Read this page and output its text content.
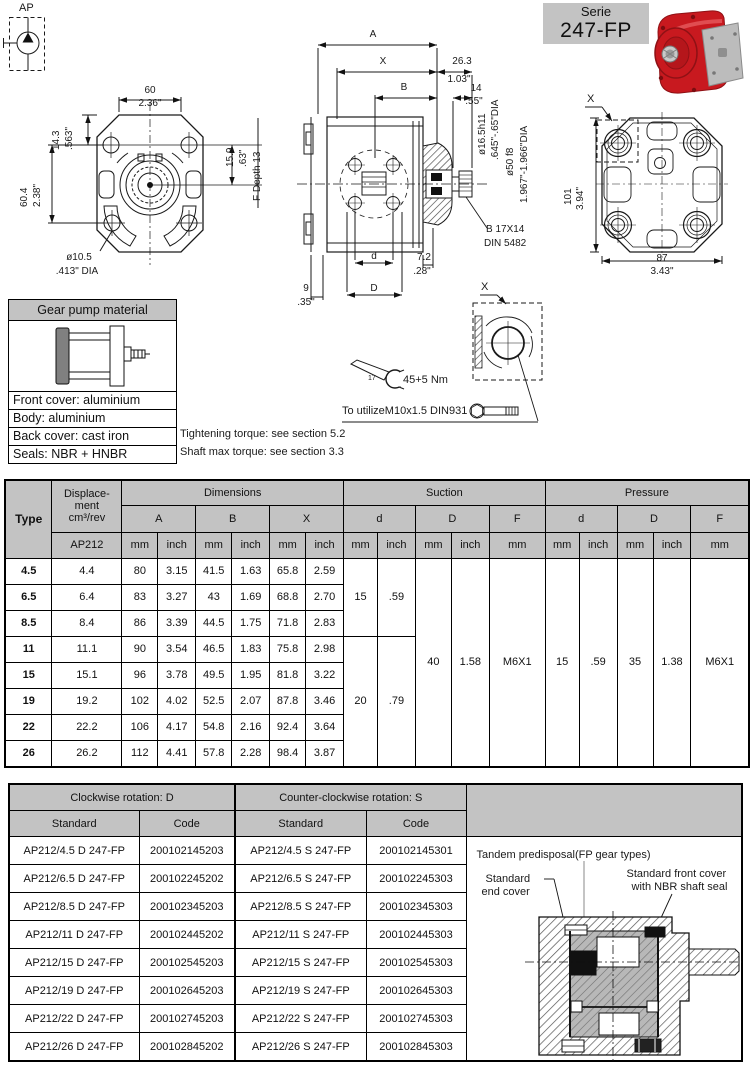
AP
60
2.36"
14.3 .563"
60.4 2.38"
15.9 .63" F Depth 13
ø10.5
.413" DIA
A
X
B
26.3
1.03"
14
.55"
ø16.5h11 .645"-.65"DIA
ø50 f8 1.967"-1.966"DIA
B 17X14
DIN 5482
d
D
7.2
.28"
9
.35"
X
101 3.94"
87
3.43"
X
17 45+5 Nm
To utilizeM10x1.5 DIN931
Tightening torque: see section 5.2
Shaft max torque: see section 3.3
Serie
247-FP
Gear pump material
Front cover: aluminium
Body: aluminium
Back cover: cast iron
Seals: NBR + HNBR
Type	Displace-
ment
cm³/rev	Dimensions						Suction					Pressure				
		A		B		X		d		D		F	d		D		F
	AP212	mm	inch	mm	inch	mm	inch	mm	inch	mm	inch	mm	mm	inch	mm	inch	mm
4.5	4.4	80	3.15	41.5	1.63	65.8	2.59	15	.59	40	1.58	M6X1	15	.59	35	1.38	M6X1
6.5	6.4	83	3.27	43	1.69	68.8	2.70										
8.5	8.4	86	3.39	44.5	1.75	71.8	2.83										
11	11.1	90	3.54	46.5	1.83	75.8	2.98	20	.79								
15	15.1	96	3.78	49.5	1.95	81.8	3.22										
19	19.2	102	4.02	52.5	2.07	87.8	3.46										
22	22.2	106	4.17	54.8	2.16	92.4	3.64										
26	26.2	112	4.41	57.8	2.28	98.4	3.87										
Clockwise rotation: D		Counter-clockwise rotation: S		
Standard	Code	Standard	Code	
AP212/4.5 D 247-FP	200102145203	AP212/4.5 S 247-FP	200102145301	Tandem predisposal(FP gear types)
Standard
end cover
Standard front cover
with NBR shaft seal

AP212/6.5 D 247-FP	200102245202	AP212/6.5 S 247-FP	200102245303	
AP212/8.5 D 247-FP	200102345203	AP212/8.5 S 247-FP	200102345303	
AP212/11 D 247-FP	200102445202	AP212/11 S 247-FP	200102445303	
AP212/15 D 247-FP	200102545203	AP212/15 S 247-FP	200102545303	
AP212/19 D 247-FP	200102645203	AP212/19 S 247-FP	200102645303	
AP212/22 D 247-FP	200102745203	AP212/22 S 247-FP	200102745303	
AP212/26 D 247-FP	200102845202	AP212/26 S 247-FP	200102845303	
